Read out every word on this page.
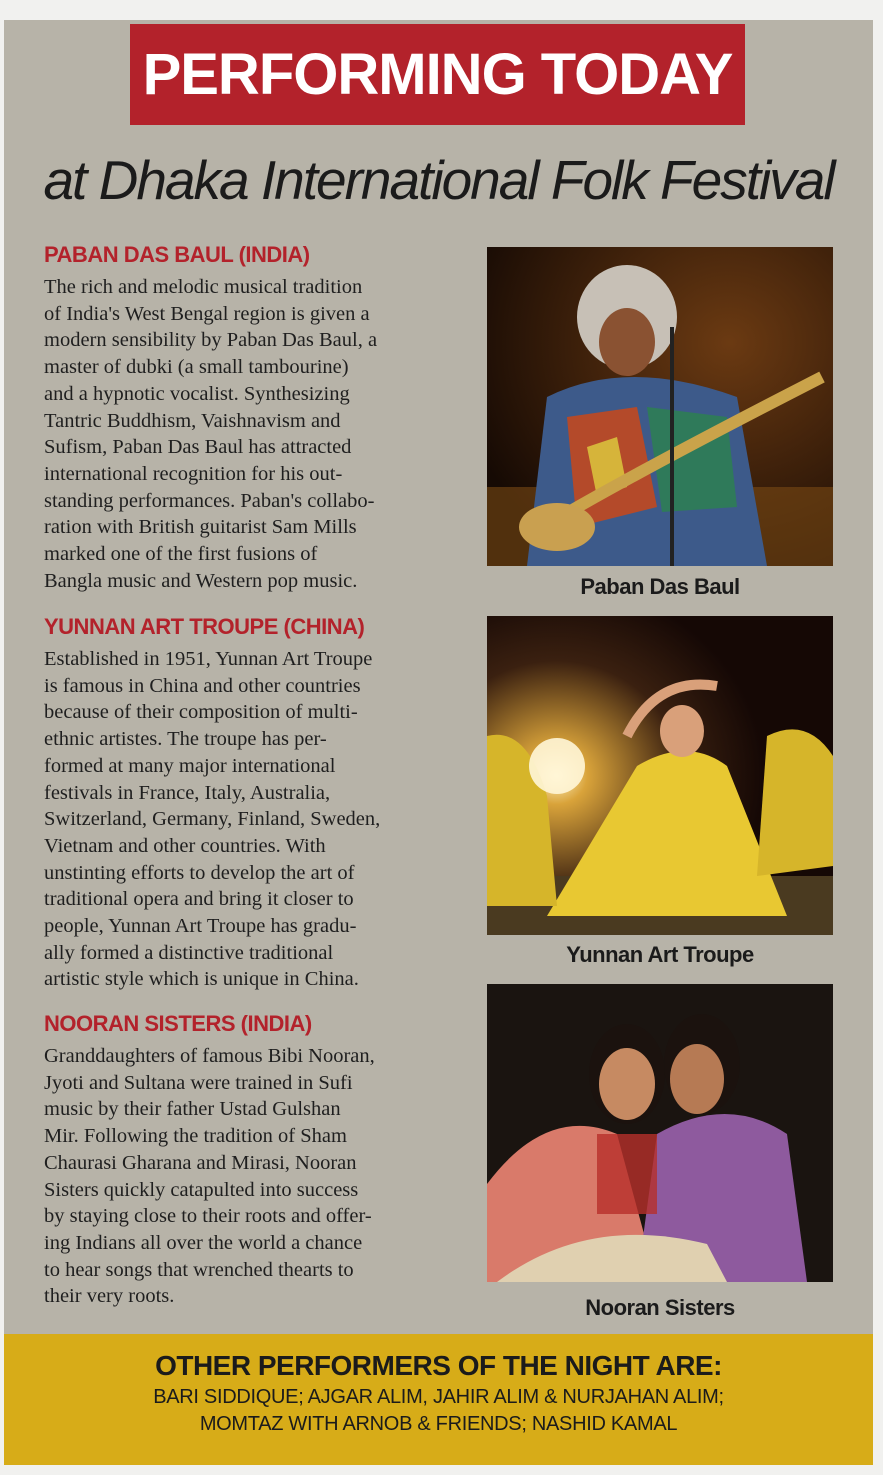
PERFORMING TODAY
at Dhaka International Folk Festival
PABAN DAS BAUL (INDIA)
The rich and melodic musical tradition
of India's West Bengal region is given a
modern sensibility by Paban Das Baul, a
master of dubki (a small tambourine)
and a hypnotic vocalist. Synthesizing
Tantric Buddhism, Vaishnavism and
Sufism, Paban Das Baul has attracted
international recognition for his out-
standing performances. Paban's collabo-
ration with British guitarist Sam Mills
marked one of the first fusions of
Bangla music and Western pop music.	Paban Das Baul
YUNNAN ART TROUPE (CHINA)
Established in 1951, Yunnan Art Troupe
is famous in China and other countries
because of their composition of multi-
ethnic artistes. The troupe has per-
formed at many major international
festivals in France, Italy, Australia,
Switzerland, Germany, Finland, Sweden,
Vietnam and other countries. With
unstinting efforts to develop the art of
traditional opera and bring it closer to
people, Yunnan Art Troupe has gradu-
ally formed a distinctive traditional
artistic style which is unique in China.
Yunnan Art Troupe
NOORAN SISTERS (INDIA)
Granddaughters of famous Bibi Nooran,
Jyoti and Sultana were trained in Sufi
music by their father Ustad Gulshan
Mir. Following the tradition of Sham
Chaurasi Gharana and Mirasi, Nooran
Sisters quickly catapulted into success
by staying close to their roots and offer-
ing Indians all over the world a chance
to hear songs that wrenched thearts to
their very roots.	Nooran Sisters
OTHER PERFORMERS OF THE NIGHT ARE:
BARI SIDDIQUE; AJGAR ALIM, JAHIR ALIM & NURJAHAN ALIM;
MOMTAZ WITH ARNOB & FRIENDS; NASHID KAMAL
